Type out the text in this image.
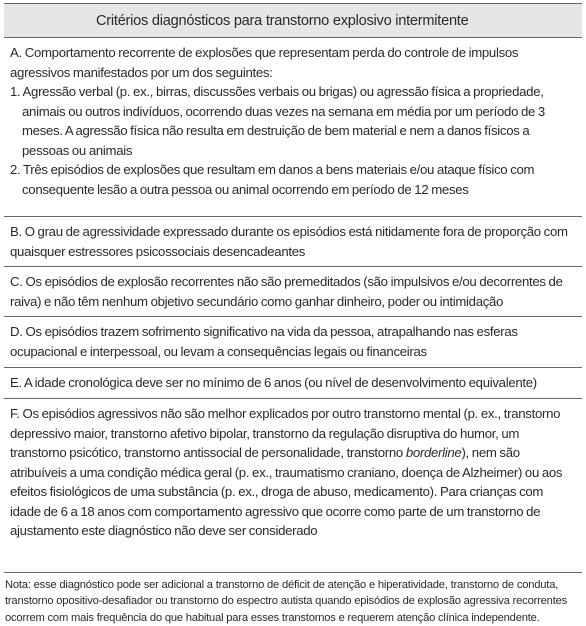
Critérios diagnósticos para transtorno explosivo intermitente
A. Comportamento recorrente de explosões que representam perda do controle de impulsos agressivos manifestados por um dos seguintes:
1. Agressão verbal (p. ex., birras, discussões verbais ou brigas) ou agressão física a propriedade, animais ou outros indivíduos, ocorrendo duas vezes na semana em média por um período de 3 meses. A agressão física não resulta em destruição de bem material e nem a danos físicos a pessoas ou animais
2. Três episódios de explosões que resultam em danos a bens materiais e/ou ataque físico com consequente lesão a outra pessoa ou animal ocorrendo em período de 12 meses
B. O grau de agressividade expressado durante os episódios está nitidamente fora de proporção com quaisquer estressores psicossociais desencadeantes
C. Os episódios de explosão recorrentes não são premeditados (são impulsivos e/ou decorrentes de raiva) e não têm nenhum objetivo secundário como ganhar dinheiro, poder ou intimidação
D. Os episódios trazem sofrimento significativo na vida da pessoa, atrapalhando nas esferas ocupacional e interpessoal, ou levam a consequências legais ou financeiras
E. A idade cronológica deve ser no mínimo de 6 anos (ou nível de desenvolvimento equivalente)
F. Os episódios agressivos não são melhor explicados por outro transtorno mental (p. ex., transtorno depressivo maior, transtorno afetivo bipolar, transtorno da regulação disruptiva do humor, um transtorno psicótico, transtorno antissocial de personalidade, transtorno borderline), nem são atribuíveis a uma condição médica geral (p. ex., traumatismo craniano, doença de Alzheimer) ou aos efeitos fisiológicos de uma substância (p. ex., droga de abuso, medicamento). Para crianças com idade de 6 a 18 anos com comportamento agressivo que ocorre como parte de um transtorno de ajustamento este diagnóstico não deve ser considerado
Nota: esse diagnóstico pode ser adicional a transtorno de déficit de atenção e hiperatividade, transtorno de conduta, transtorno opositivo-desafiador ou transtorno do espectro autista quando episódios de explosão agressiva recorrentes ocorrem com mais frequência do que habitual para esses transtornos e requerem atenção clínica independente.
